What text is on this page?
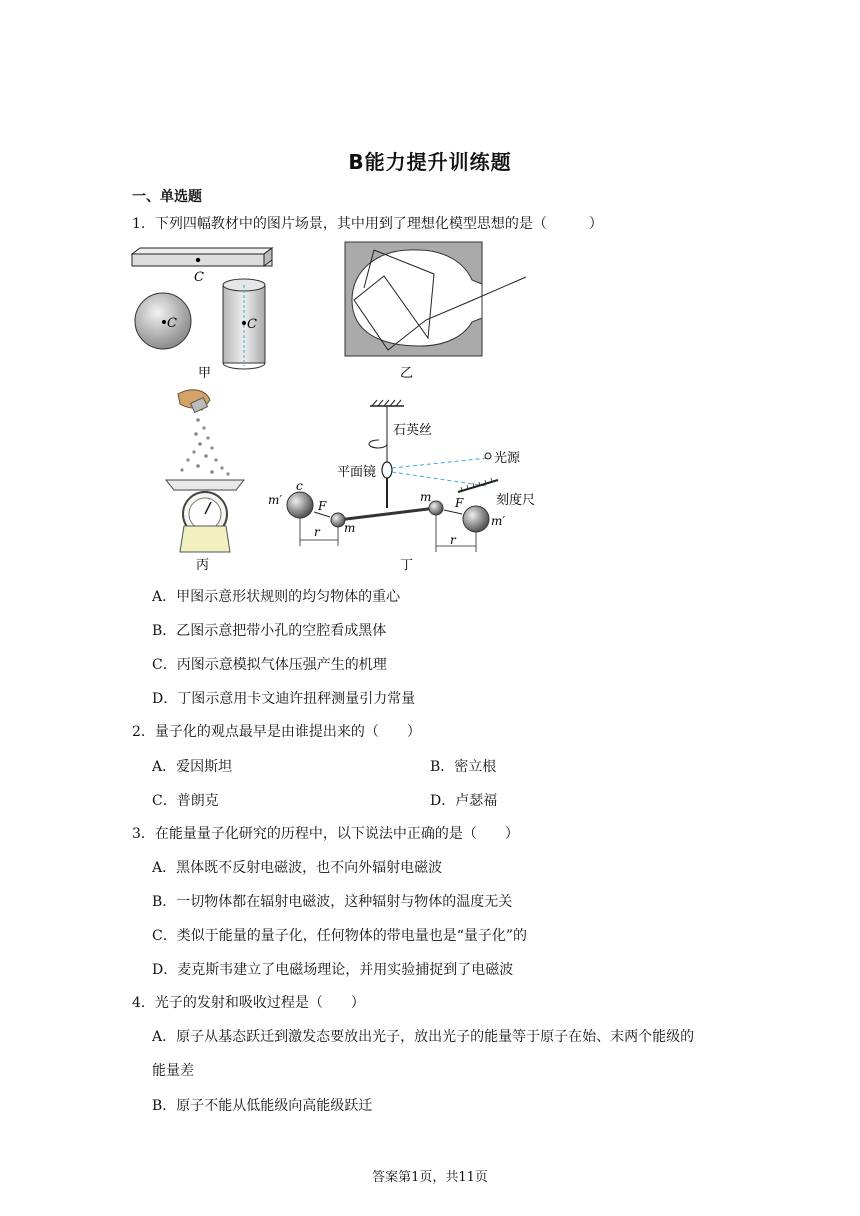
B能力提升训练题
一、单选题
1．下列四幅教材中的图片场景，其中用到了理想化模型思想的是（　　　）
C
C	C
甲	乙
丙
石英丝
平面镜
光源
刻度尺
m′
c
m′
m
m
F	F
r
r
丁
A．甲图示意形状规则的均匀物体的重心
B．乙图示意把带小孔的空腔看成黑体
C．丙图示意模拟气体压强产生的机理
D．丁图示意用卡文迪许扭秤测量引力常量
2．量子化的观点最早是由谁提出来的（　　）
A．爱因斯坦	B．密立根
C．普朗克	D．卢瑟福
3．在能量量子化研究的历程中，以下说法中正确的是（　　）
A．黑体既不反射电磁波，也不向外辐射电磁波
B．一切物体都在辐射电磁波，这种辐射与物体的温度无关
C．类似于能量的量子化，任何物体的带电量也是“量子化”的
D．麦克斯韦建立了电磁场理论，并用实验捕捉到了电磁波
4．光子的发射和吸收过程是（　　）
A．原子从基态跃迁到激发态要放出光子，放出光子的能量等于原子在始、末两个能级的
能量差
B．原子不能从低能级向高能级跃迁
答案第1页，共11页
